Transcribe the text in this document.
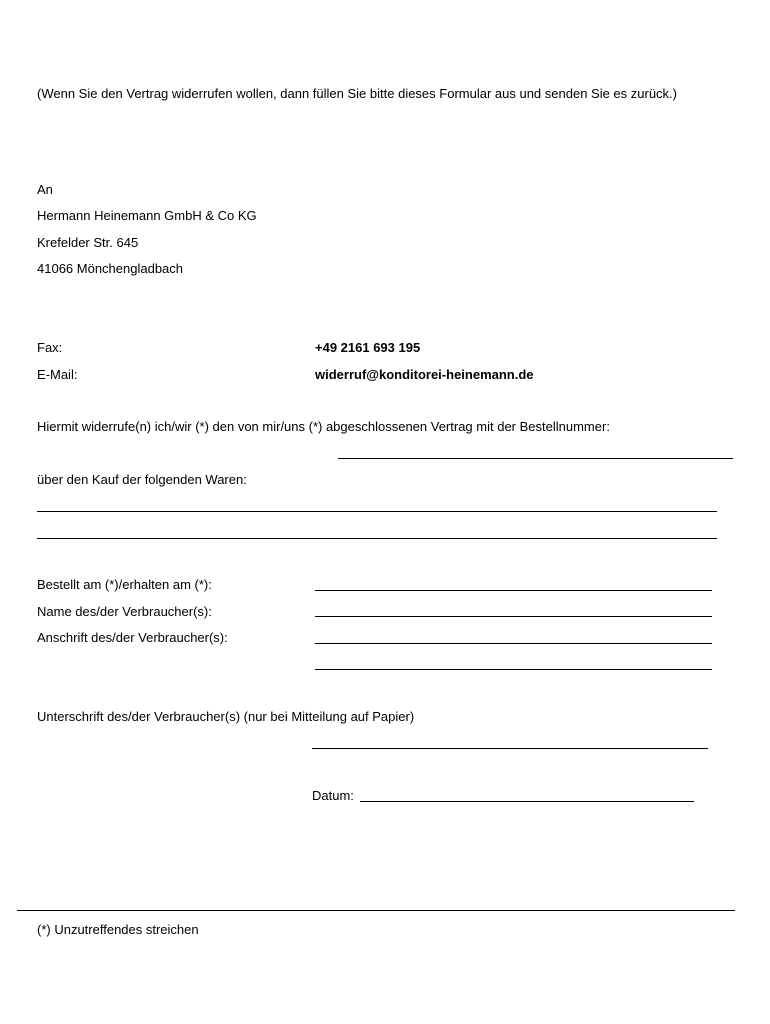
(Wenn Sie den Vertrag widerrufen wollen, dann füllen Sie bitte dieses Formular aus und senden Sie es zurück.)
An
Hermann Heinemann GmbH & Co KG
Krefelder Str. 645
41066 Mönchengladbach
Fax:	+49 2161 693 195
E-Mail:	widerruf@konditorei-heinemann.de
Hiermit widerrufe(n) ich/wir (*) den von mir/uns (*) abgeschlossenen Vertrag mit der Bestellnummer:
über den Kauf der folgenden Waren:
Bestellt am (*)/erhalten am (*):
Name des/der Verbraucher(s):
Anschrift des/der Verbraucher(s):
Unterschrift des/der Verbraucher(s) (nur bei Mitteilung auf Papier)
Datum:
(*) Unzutreffendes streichen
